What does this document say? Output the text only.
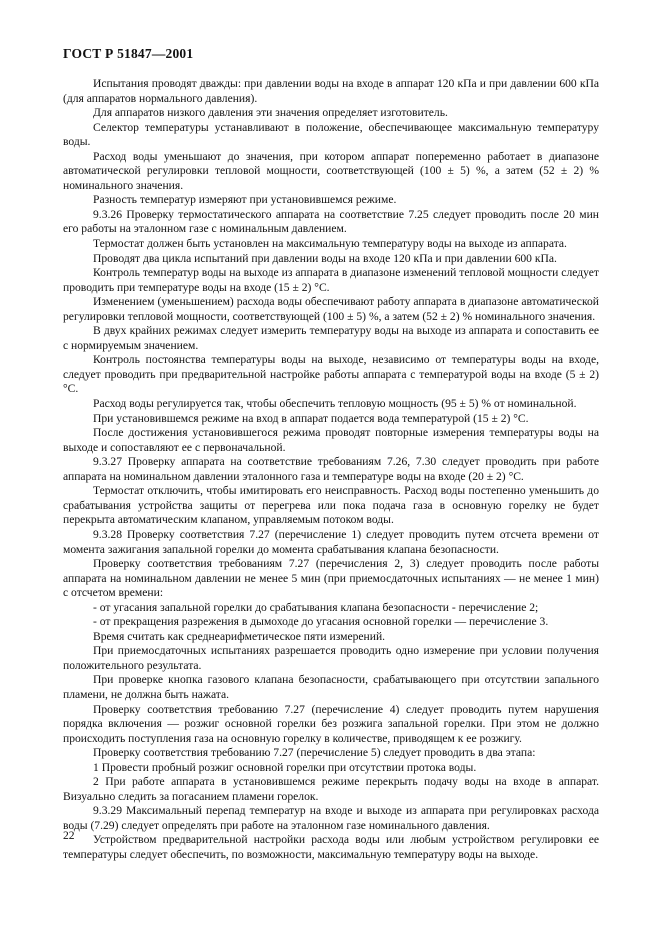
ГОСТ Р 51847—2001

Испытания проводят дважды: при давлении воды на входе в аппарат 120 кПа и при давлении 600 кПа (для аппаратов нормального давления).

Для аппаратов низкого давления эти значения определяет изготовитель.

Селектор температуры устанавливают в положение, обеспечивающее максимальную температуру воды.

Расход воды уменьшают до значения, при котором аппарат попеременно работает в диапазоне автоматической регулировки тепловой мощности, соответствующей (100 ± 5) %, а затем (52 ± 2) % номинального значения.

Разность температур измеряют при установившемся режиме.

9.3.26 Проверку термостатического аппарата на соответствие 7.25 следует проводить после 20 мин его работы на эталонном газе с номинальным давлением.

Термостат должен быть установлен на максимальную температуру воды на выходе из аппарата.

Проводят два цикла испытаний при давлении воды на входе 120 кПа и при давлении 600 кПа.

Контроль температур воды на выходе из аппарата в диапазоне изменений тепловой мощности следует проводить при температуре воды на входе (15 ± 2) °С.

Изменением (уменьшением) расхода воды обеспечивают работу аппарата в диапазоне автоматической регулировки тепловой мощности, соответствующей (100 ± 5) %, а затем (52 ± 2) % номинального значения.

В двух крайних режимах следует измерить температуру воды на выходе из аппарата и сопоставить ее с нормируемым значением.

Контроль постоянства температуры воды на выходе, независимо от температуры воды на входе, следует проводить при предварительной настройке работы аппарата с температурой воды на входе (5 ± 2) °С.

Расход воды регулируется так, чтобы обеспечить тепловую мощность (95 ± 5) % от номинальной.

При установившемся режиме на вход в аппарат подается вода температурой (15 ± 2) °С.

После достижения установившегося режима проводят повторные измерения температуры воды на выходе и сопоставляют ее с первоначальной.

9.3.27 Проверку аппарата на соответствие требованиям 7.26, 7.30 следует проводить при работе аппарата на номинальном давлении эталонного газа и температуре воды на входе (20 ± 2) °С.

Термостат отключить, чтобы имитировать его неисправность. Расход воды постепенно уменьшить до срабатывания устройства защиты от перегрева или пока подача газа в основную горелку не будет перекрыта автоматическим клапаном, управляемым потоком воды.

9.3.28 Проверку соответствия 7.27 (перечисление 1) следует проводить путем отсчета времени от момента зажигания запальной горелки до момента срабатывания клапана безопасности.

Проверку соответствия требованиям 7.27 (перечисления 2, 3) следует проводить после работы аппарата на номинальном давлении не менее 5 мин (при приемосдаточных испытаниях — не менее 1 мин) с отсчетом времени:

- от угасания запальной горелки до срабатывания клапана безопасности - перечисление 2;

- от прекращения разрежения в дымоходе до угасания основной горелки — перечисление 3.

Время считать как среднеарифметическое пяти измерений.

При приемосдаточных испытаниях разрешается проводить одно измерение при условии получения положительного результата.

При проверке кнопка газового клапана безопасности, срабатывающего при отсутствии запального пламени, не должна быть нажата.

Проверку соответствия требованию 7.27 (перечисление 4) следует проводить путем нарушения порядка включения — розжиг основной горелки без розжига запальной горелки. При этом не должно происходить поступления газа на основную горелку в количестве, приводящем к ее розжигу.

Проверку соответствия требованию 7.27 (перечисление 5) следует проводить в два этапа:

1 Провести пробный розжиг основной горелки при отсутствии протока воды.

2 При работе аппарата в установившемся режиме перекрыть подачу воды на входе в аппарат. Визуально следить за погасанием пламени горелок.

9.3.29 Максимальный перепад температур на входе и выходе из аппарата при регулировках расхода воды (7.29) следует определять при работе на эталонном газе номинального давления.

Устройством предварительной настройки расхода воды или любым устройством регулировки ее температуры следует обеспечить, по возможности, максимальную температуру воды на выходе.

22
